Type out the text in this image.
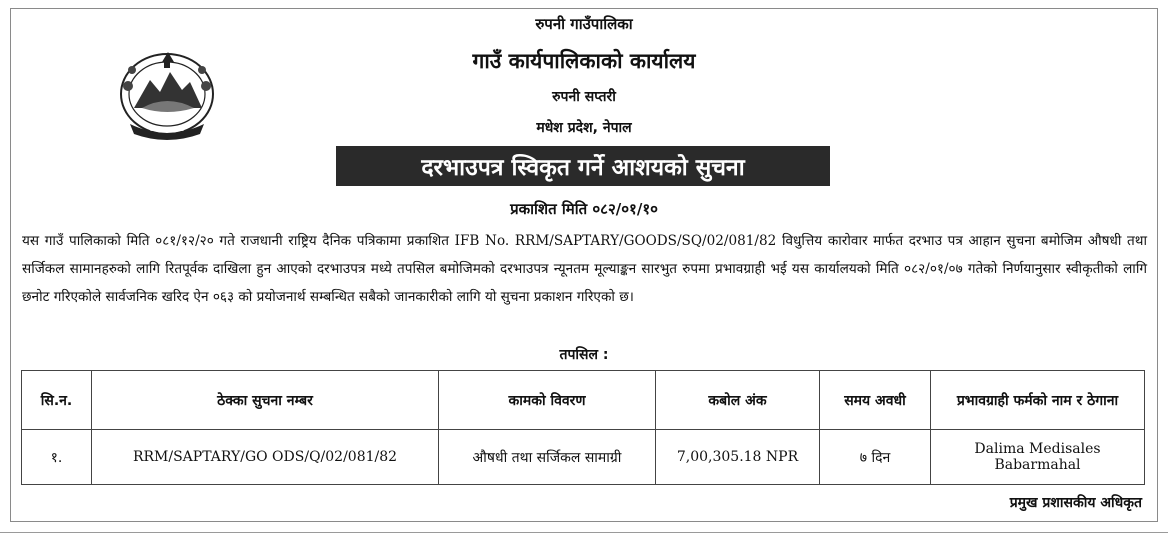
रुपनी गाउँपालिका
गाउँ कार्यपालिकाको कार्यालय
रुपनी सप्तरी
मधेश प्रदेश, नेपाल
दरभाउपत्र स्विकृत गर्ने आशयको सुचना
प्रकाशित मिति ०८२/०१/१०
यस गाउँ पालिकाको मिति ०८१/१२/२० गते राजधानी राष्ट्रिय दैनिक पत्रिकामा प्रकाशित IFB No. RRM/SAPTARY/GOODS/SQ/02/081/82 विधुत्तिय कारोवार मार्फत दरभाउ पत्र आहान सुचना बमोजिम औषधी तथा सर्जिकल सामानहरुको लागि रितपूर्वक दाखिला हुन आएको दरभाउपत्र मध्ये तपसिल बमोजिमको दरभाउपत्र न्यूनतम मूल्याङ्कन सारभुत रुपमा प्रभावग्राही भई यस कार्यालयको मिति ०८२/०१/०७ गतेको निर्णयानुसार स्वीकृतीको लागि छनोट गरिएकोले सार्वजनिक खरिद ऐन ०६३ को प्रयोजनार्थ सम्बन्धित सबैको जानकारीको लागि यो सुचना प्रकाशन गरिएको छ।
तपसिल :
सि.न.	ठेक्का सुचना नम्बर	कामको विवरण	कबोल अंक	समय अवधी	प्रभावग्राही फर्मको नाम र ठेगाना
१.	RRM/SAPTARY/GO ODS/Q/02/081/82	औषधी तथा सर्जिकल सामाग्री	7,00,305.18 NPR	७ दिन	Dalima Medisales
Babarmahal
प्रमुख प्रशासकीय अधिकृत
